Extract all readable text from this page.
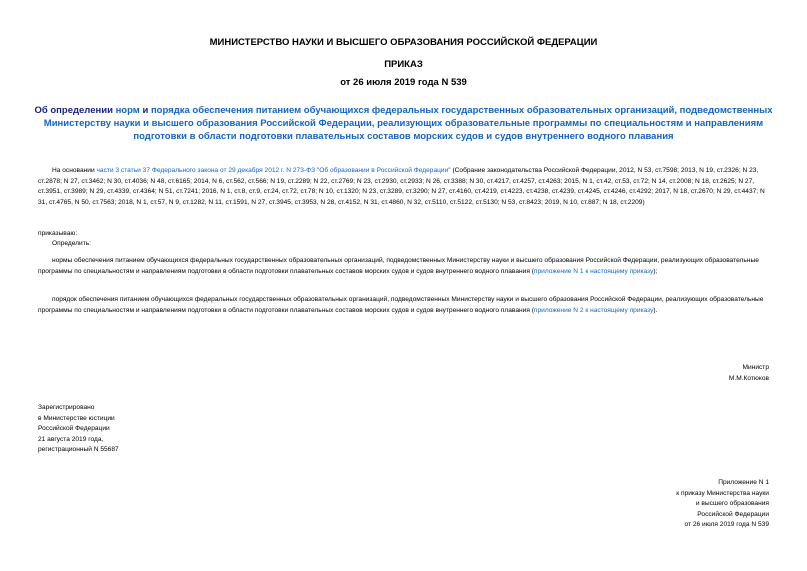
МИНИСТЕРСТВО НАУКИ И ВЫСШЕГО ОБРАЗОВАНИЯ РОССИЙСКОЙ ФЕДЕРАЦИИ
ПРИКАЗ
от 26 июля 2019 года N 539
Об определении норм и порядка обеспечения питанием обучающихся федеральных государственных образовательных организаций, подведомственных Министерству науки и высшего образования Российской Федерации, реализующих образовательные программы по специальностям и направлениям подготовки в области подготовки плавательных составов морских судов и судов внутреннего водного плавания
На основании части 3 статьи 37 Федерального закона от 29 декабря 2012 г. N 273-ФЗ "Об образовании в Российской Федерации" (Собрание законодательства Российской Федерации, 2012, N 53, ст.7598; 2013, N 19, ст.2326; N 23, ст.2878; N 27, ст.3462; N 30, ст.4036; N 48, ст.6165; 2014, N 6, ст.562, ст.566; N 19, ст.2289; N 22, ст.2769; N 23, ст.2930, ст.2933; N 26, ст.3388; N 30, ст.4217, ст.4257, ст.4263; 2015, N 1, ст.42, ст.53, ст.72; N 14, ст.2008; N 18, ст.2625; N 27, ст.3951, ст.3989; N 29, ст.4339, ст.4364; N 51, ст.7241; 2016, N 1, ст.8, ст.9, ст.24, ст.72, ст.78; N 10, ст.1320; N 23, ст.3289, ст.3290; N 27, ст.4160, ст.4219, ст.4223, ст.4238, ст.4239, ст.4245, ст.4246, ст.4292; 2017, N 18, ст.2670; N 29, ст.4437; N 31, ст.4765, N 50, ст.7563; 2018, N 1, ст.57, N 9, ст.1282, N 11, ст.1591, N 27, ст.3945, ст.3953, N 28, ст.4152, N 31, ст.4860, N 32, ст.5110, ст.5122, ст.5130; N 53, ст.8423; 2019, N 10, ст.887; N 18, ст.2209)
приказываю:
Определить:
нормы обеспечения питанием обучающихся федеральных государственных образовательных организаций, подведомственных Министерству науки и высшего образования Российской Федерации, реализующих образовательные программы по специальностям и направлениям подготовки в области подготовки плавательных составов морских судов и судов внутреннего водного плавания (приложение N 1 к настоящему приказу);
порядок обеспечения питанием обучающихся федеральных государственных образовательных организаций, подведомственных Министерству науки и высшего образования Российской Федерации, реализующих образовательные программы по специальностям и направлениям подготовки в области подготовки плавательных составов морских судов и судов внутреннего водного плавания (приложение N 2 к настоящему приказу).
Министр
М.М.Котюков
Зарегистрировано
в Министерстве юстиции
Российской Федерации
21 августа 2019 года,
регистрационный N 55687
Приложение N 1
к приказу Министерства науки
и высшего образования
Российской Федерации
от 26 июля 2019 года N 539
